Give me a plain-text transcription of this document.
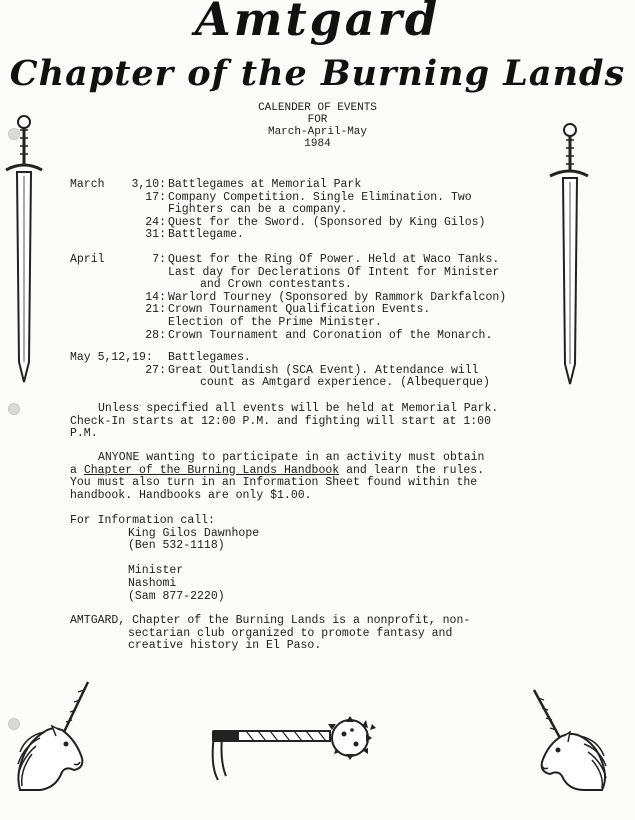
Amtgard
Chapter of the Burning Lands
CALENDER OF EVENTS
FOR
March-April-May
1984
March	3,10: Battlegames at Memorial Park
17: Company Competition. Single Elimination. Two
Fighters can be a company.
24: Quest for the Sword. (Sponsored by King Gilos)
31: Battlegame.
April	7: Quest for the Ring Of Power. Held at Waco Tanks.
Last day for Declerations Of Intent for Minister
and Crown contestants.
14: Warlord Tourney (Sponsored by Rammork Darkfalcon)
21: Crown Tournament Qualification Events.
Election of the Prime Minister.
28: Crown Tournament and Coronation of the Monarch.
May 5,12,19: Battlegames.
27: Great Outlandish (SCA Event). Attendance will
count as Amtgard experience. (Albequerque)
Unless specified all events will be held at Memorial Park.
Check-In starts at 12:00 P.M. and fighting will start at 1:00
P.M.
ANYONE wanting to participate in an activity must obtain
a Chapter of the Burning Lands Handbook and learn the rules.
You must also turn in an Information Sheet found within the
handbook. Handbooks are only $1.00.
For Information call:
King Gilos Dawnhope
(Ben 532-1118)
Minister
Nashomi
(Sam 877-2220)
AMTGARD, Chapter of the Burning Lands is a nonprofit, non-
sectarian club organized to promote fantasy and
creative history in El Paso.
